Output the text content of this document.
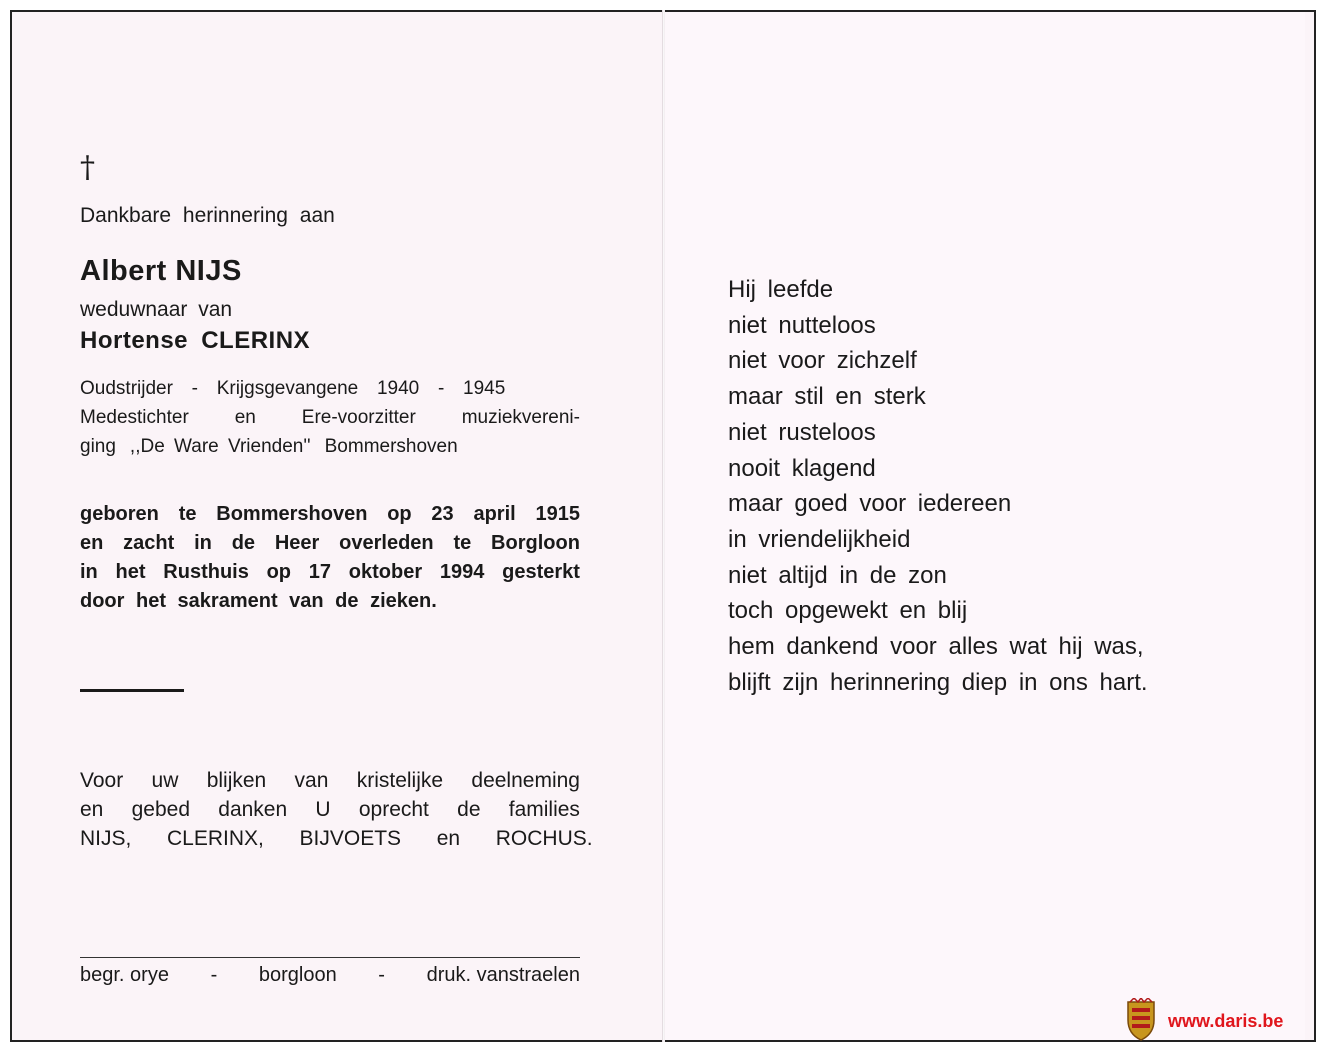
†
Dankbare herinnering aan
Albert NIJS
weduwnaar van
Hortense CLERINX
Oudstrijder - Krijgsgevangene 1940 - 1945
Medestichter en Ere-voorzitter muziekvereni-
ging ,,De Ware Vrienden'' Bommershoven
geboren te Bommershoven op 23 april 1915
en zacht in de Heer overleden te Borgloon
in het Rusthuis op 17 oktober 1994 gesterkt
door het sakrament van de zieken.
Voor uw blijken van kristelijke deelneming
en gebed danken U oprecht de families
NIJS,  CLERINX,  BIJVOETS  en  ROCHUS.
begr. orye - borgloon - druk. vanstraelen
Hij leefde
niet nutteloos
niet voor zichzelf
maar stil en sterk
niet rusteloos
nooit klagend
maar goed voor iedereen
in vriendelijkheid
niet altijd in de zon
toch opgewekt en blij
hem dankend voor alles wat hij was,
blijft zijn herinnering diep in ons hart.
www.daris.be
